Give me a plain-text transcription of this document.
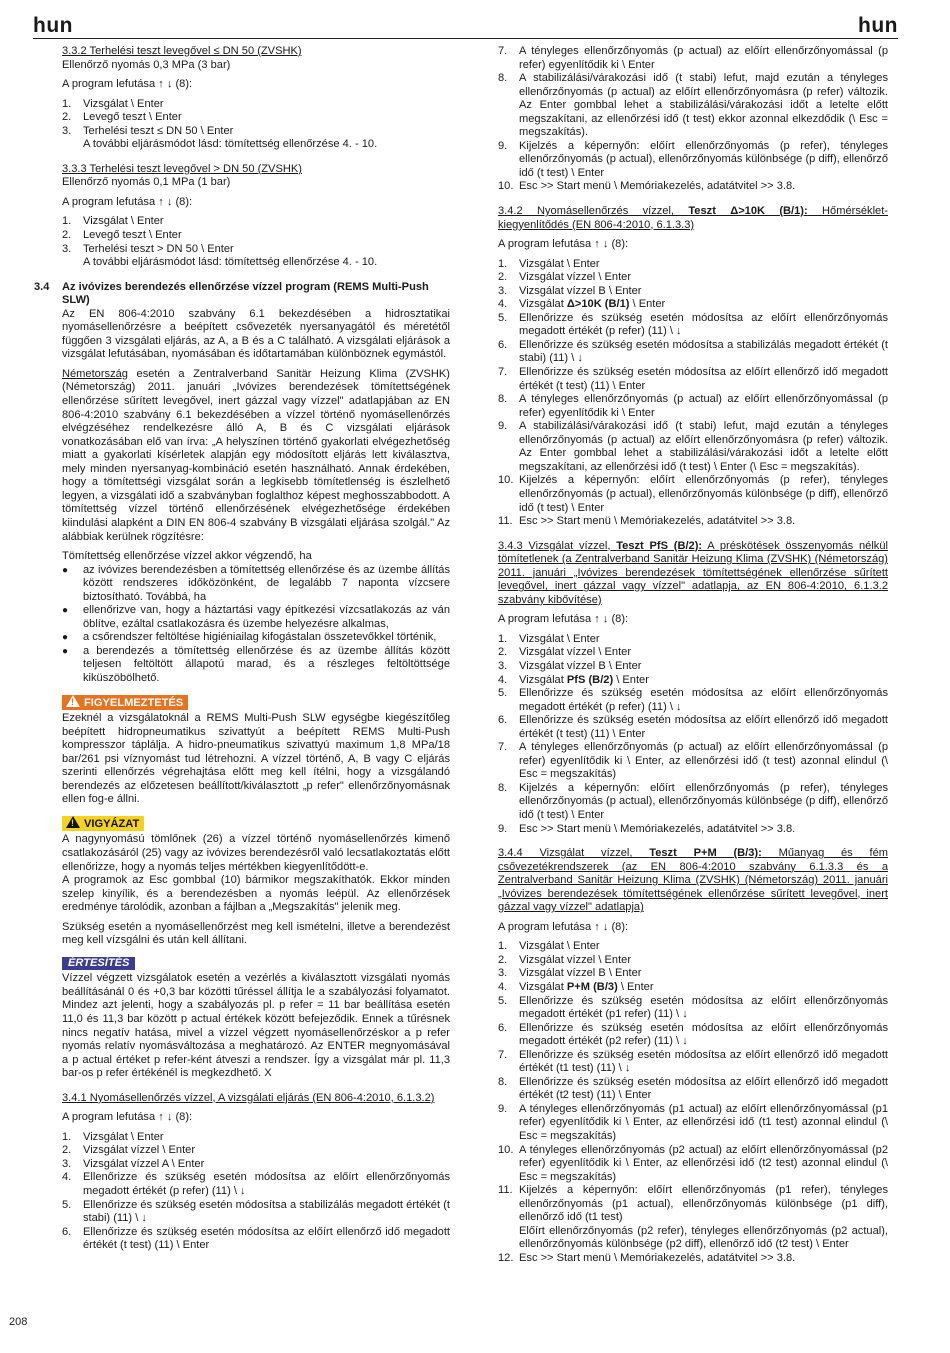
hun	hun
208

3.3.2 Terhelési teszt levegővel ≤ DN 50 (ZVSHK)

Ellenőrző nyomás 0,3 MPa (3 bar)

A program lefutása ↑ ↓ (8):

1. Vizsgálat \ Enter
2. Levegő teszt \ Enter
3. Terhelési teszt ≤ DN 50 \ Enter
A további eljárásmódot lásd: tömítettség ellenőrzése 4. - 10.

3.3.3 Terhelési teszt levegővel > DN 50 (ZVSHK)

Ellenőrző nyomás 0,1 MPa (1 bar)

A program lefutása ↑ ↓ (8):

1. Vizsgálat \ Enter
2. Levegő teszt \ Enter
3. Terhelési teszt > DN 50 \ Enter
A további eljárásmódot lásd: tömítettség ellenőrzése 4. - 10.
3.4 Az ivóvizes berendezés ellenőrzése vízzel program (REMS Multi-Push SLW)

Az EN 806-4:2010 szabvány 6.1 bekezdésében a hidrosztatikai nyomásellenőrzésre a beépített csővezeték nyersanyagától és méretétől függően 3 vizsgálati eljárás, az A, a B és a C található. A vizsgálati eljárások a vizsgálat lefutásában, nyomásában és időtartamában különböznek egymástól.

Németország esetén a Zentralverband Sanitär Heizung Klima (ZVSHK) (Németország) 2011. januári „Ivóvizes berendezések tömítettségének ellenőrzése sűrített levegővel, inert gázzal vagy vízzel" adatlapjában az EN 806-4:2010 szabvány 6.1 bekezdésében a vízzel történő nyomásellenőrzés elvégzéséhez rendelkezésre álló A, B és C vizsgálati eljárások vonatkozásában elő van írva: „A helyszínen történő gyakorlati elvégezhetőség miatt a gyakorlati kísérletek alapján egy módosított eljárás lett kiválasztva, mely minden nyersanyag-kombináció esetén használható. Annak érdekében, hogy a tömítettségi vizsgálat során a legkisebb tömítetlenség is észlelhető legyen, a vizsgálati idő a szabványban foglalthoz képest meghosszabbodott. A tömítettség vízzel történő ellenőrzésének elvégezhetősége érdekében kiindulási alapként a DIN EN 806-4 szabvány B vizsgálati eljárása szolgál." Az alábbiak kerülnek rögzítésre:

Tömítettség ellenőrzése vízzel akkor végzendő, ha

● az ivóvizes berendezésben a tömítettség ellenőrzése és az üzembe állítás között rendszeres időközönként, de legalább 7 naponta vízcsere biztosítható. Továbbá, ha
● ellenőrizve van, hogy a háztartási vagy építkezési vízcsatlakozás az ván öblítve, ezáltal csatlakozásra és üzembe helyezésre alkalmas,
● a csőrendszer feltöltése higiéniailag kifogástalan összetevőkkel történik,
● a berendezés a tömítettség ellenőrzése és az üzembe állítás között teljesen feltöltött állapotú marad, és a részleges feltöltöttsége kiküszöbölhető.
!FIGYELMEZTETÉS

Ezeknél a vizsgálatoknál a REMS Multi-Push SLW egységbe kiegészítőleg beépített hidropneumatikus szivattyút a beépített REMS Multi-Push kompresszor táplálja. A hidro-pneumatikus szivattyú maximum 1,8 MPa/18 bar/261 psi víznyomást tud létrehozni. A vízzel történő, A, B vagy C eljárás szerinti ellenőrzés végrehajtása előtt meg kell ítélni, hogy a vizsgálandó berendezés az előzetesen beállított/kiválasztott „p refer" ellenőrzőnyomásnak ellen fog-e állni.

!VIGYÁZAT

A nagynyomású tömlőnek (26) a vízzel történő nyomásellenőrzés kimenő csatlakozásáról (25) vagy az ivóvizes berendezésről való lecsatlakoztatás előtt ellenőrizze, hogy a nyomás teljes mértékben kiegyenlítődött-e.

A programok az Esc gombbal (10) bármikor megszakíthatók. Ekkor minden szelep kinyílik, és a berendezésben a nyomás leépül. Az ellenőrzések eredménye tárolódik, azonban a fájlban a „Megszakítás" jelenik meg.

Szükség esetén a nyomásellenőrzést meg kell ismételni, illetve a berendezést meg kell vízsgálni és után kell állítani.

ÉRTESÍTÉS

Vízzel végzett vizsgálatok esetén a vezérlés a kiválasztott vizsgálati nyomás beállításánál 0 és +0,3 bar közötti tűréssel állítja le a szabályozási folyamatot. Mindez azt jelenti, hogy a szabályozás pl. p refer = 11 bar beállítása esetén 11,0 és 11,3 bar között p actual értékek között befejeződik. Ennek a tűrésnek nincs negatív hatása, mivel a vízzel végzett nyomásellenőrzéskor a p refer nyomás relatív nyomásváltozása a meghatározó. Az ENTER megnyomásával a p actual értéket p refer-ként átveszi a rendszer. Így a vizsgálat már pl. 11,3 bar-os p refer értékénél is megkezdhető. X

3.4.1 Nyomásellenőrzés vízzel, A vizsgálati eljárás (EN 806-4:2010, 6.1.3.2)

A program lefutása ↑ ↓ (8):

1. Vizsgálat \ Enter
2. Vizsgálat vízzel \ Enter
3. Vizsgálat vízzel A \ Enter
4. Ellenőrizze és szükség esetén módosítsa az előírt ellenőrzőnyomás megadott értékét (p refer) (11) \ ↓
5. Ellenőrizze és szükség esetén módosítsa a stabilizálás megadott értékét (t stabi) (11) \ ↓
6. Ellenőrizze és szükség esetén módosítsa az előírt ellenőrző idő megadott értékét (t test) (11) \ Enter
7. A tényleges ellenőrzőnyomás (p actual) az előírt ellenőrzőnyomással (p refer) egyenlítődik ki \ Enter
8. A stabilizálási/várakozási idő (t stabi) lefut, majd ezután a tényleges ellenőrzőnyomás (p actual) az előírt ellenőrzőnyomásra (p refer) változik. Az Enter gombbal lehet a stabilizálási/várakozási időt a letelte előtt megszakítani, az ellenőrzési idő (t test) ekkor azonnal elkezdődik (\ Esc = megszakítás).
9. Kijelzés a képernyőn: előírt ellenőrzőnyomás (p refer), tényleges ellenőrzőnyomás (p actual), ellenőrzőnyomás különbsége (p diff), ellenőrző idő (t test) \ Enter
10. Esc >> Start menü \ Memóriakezelés, adatátvitel >> 3.8.

3.4.2 Nyomásellenőrzés vízzel, Teszt Δ>10K (B/1): Hőmérséklet-kiegyenlítődés (EN 806-4:2010, 6.1.3.3)

A program lefutása ↑ ↓ (8):

1. Vizsgálat \ Enter
2. Vizsgálat vízzel \ Enter
3. Vizsgálat vízzel B \ Enter
4. Vizsgálat Δ>10K (B/1) \ Enter
5. Ellenőrizze és szükség esetén módosítsa az előírt ellenőrzőnyomás megadott értékét (p refer) (11) \ ↓
6. Ellenőrizze és szükség esetén módosítsa a stabilizálás megadott értékét (t stabi) (11) \ ↓
7. Ellenőrizze és szükség esetén módosítsa az előírt ellenőrző idő megadott értékét (t test) (11) \ Enter
8. A tényleges ellenőrzőnyomás (p actual) az előírt ellenőrzőnyomással (p refer) egyenlítődik ki \ Enter
9. A stabilizálási/várakozási idő (t stabi) lefut, majd ezután a tényleges ellenőrzőnyomás (p actual) az előírt ellenőrzőnyomásra (p refer) változik. Az Enter gombbal lehet a stabilizálási/várakozási időt a letelte előtt megszakítani, az ellenőrzési idő (t test) \ Enter (\ Esc = megszakítás).
10. Kijelzés a képernyőn: előírt ellenőrzőnyomás (p refer), tényleges ellenőrzőnyomás (p actual), ellenőrzőnyomás különbsége (p diff), ellenőrző idő (t test) \ Enter
11. Esc >> Start menü \ Memóriakezelés, adatátvitel >> 3.8.

3.4.3 Vizsgálat vízzel, Teszt PfS (B/2): A préskötések összenyomás nélkül tömítetlenek (a Zentralverband Sanitär Heizung Klima (ZVSHK) (Németország) 2011. januári „Ivóvizes berendezések tömítettségének ellenőrzése sűrített levegővel, inert gázzal vagy vízzel" adatlapja, az EN 806-4:2010, 6.1.3.2 szabvány kibővítése)

A program lefutása ↑ ↓ (8):

1. Vizsgálat \ Enter
2. Vizsgálat vízzel \ Enter
3. Vizsgálat vízzel B \ Enter
4. Vizsgálat PfS (B/2) \ Enter
5. Ellenőrizze és szükség esetén módosítsa az előírt ellenőrzőnyomás megadott értékét (p refer) (11) \ ↓
6. Ellenőrizze és szükség esetén módosítsa az előírt ellenőrző idő megadott értékét (t test) (11) \ Enter
7. A tényleges ellenőrzőnyomás (p actual) az előírt ellenőrzőnyomással (p refer) egyenlítődik ki \ Enter, az ellenőrzési idő (t test) azonnal elindul (\ Esc = megszakítás)
8. Kijelzés a képernyőn: előírt ellenőrzőnyomás (p refer), tényleges ellenőrzőnyomás (p actual), ellenőrzőnyomás különbsége (p diff), ellenőrző idő (t test) \ Enter
9. Esc >> Start menü \ Memóriakezelés, adatátvitel >> 3.8.

3.4.4 Vizsgálat vízzel, Teszt P+M (B/3): Műanyag és fém csővezetékrendszerek (az EN 806-4:2010 szabvány 6.1.3.3 és a Zentralverband Sanitär Heizung Klima (ZVSHK) (Németország) 2011. januári „Ivóvizes berendezések tömítettségének ellenőrzése sűrített levegővel, inert gázzal vagy vízzel" adatlapja)

A program lefutása ↑ ↓ (8):

1. Vizsgálat \ Enter
2. Vizsgálat vízzel \ Enter
3. Vizsgálat vízzel B \ Enter
4. Vizsgálat P+M (B/3) \ Enter
5. Ellenőrizze és szükség esetén módosítsa az előírt ellenőrzőnyomás megadott értékét (p1 refer) (11) \ ↓
6. Ellenőrizze és szükség esetén módosítsa az előírt ellenőrzőnyomás megadott értékét (p2 refer) (11) \ ↓
7. Ellenőrizze és szükség esetén módosítsa az előírt ellenőrző idő megadott értékét (t1 test) (11) \ ↓
8. Ellenőrizze és szükség esetén módosítsa az előírt ellenőrző idő megadott értékét (t2 test) (11) \ Enter
9. A tényleges ellenőrzőnyomás (p1 actual) az előírt ellenőrzőnyomással (p1 refer) egyenlítődik ki \ Enter, az ellenőrzési idő (t1 test) azonnal elindul (\ Esc = megszakítás)
10. A tényleges ellenőrzőnyomás (p2 actual) az előírt ellenőrzőnyomással (p2 refer) egyenlítődik ki \ Enter, az ellenőrzési idő (t2 test) azonnal elindul (\ Esc = megszakítás)
11. Kijelzés a képernyőn: előírt ellenőrzőnyomás (p1 refer), tényleges ellenőrzőnyomás (p1 actual), ellenőrzőnyomás különbsége (p1 diff), ellenőrző idő (t1 test)
Előírt ellenőrzőnyomás (p2 refer), tényleges ellenőrzőnyomás (p2 actual), ellenőrzőnyomás különbsége (p2 diff), ellenőrző idő (t2 test) \ Enter
12. Esc >> Start menü \ Memóriakezelés, adatátvitel >> 3.8.
